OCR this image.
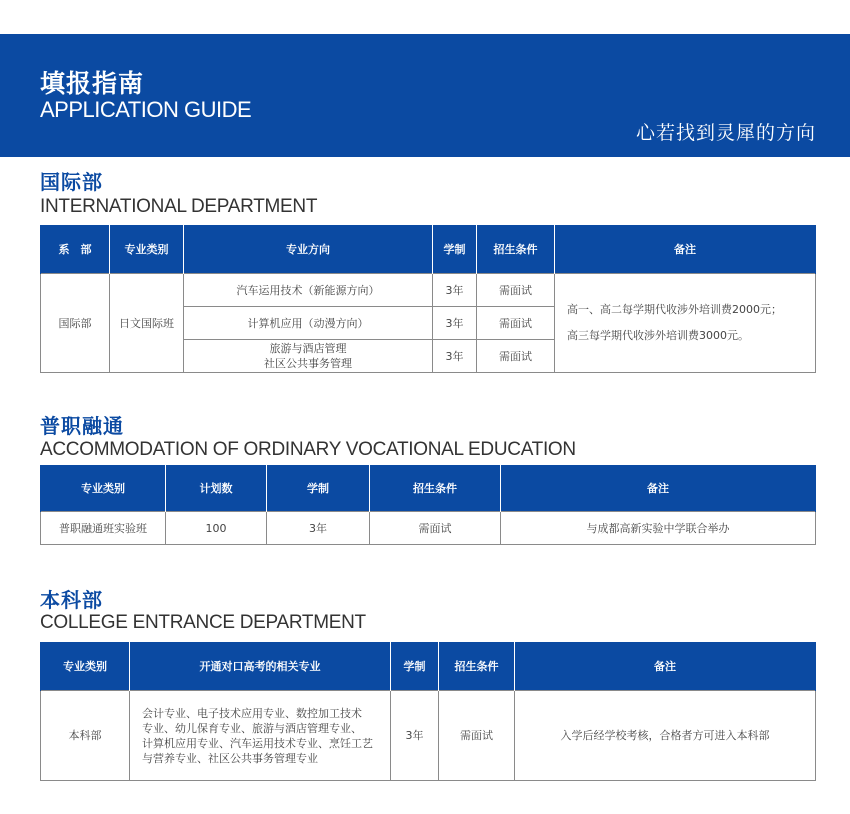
填报指南
APPLICATION GUIDE
心若找到灵犀的方向
国际部
INTERNATIONAL DEPARTMENT
系　部	专业类别	专业方向	学制	招生条件	备注
国际部	日文国际班	汽车运用技术（新能源方向）	3年	需面试	高一、高二每学期代收涉外培训费2000元；
高三每学期代收涉外培训费3000元。

		计算机应用（动漫方向）	3年	需面试	

		旅游与酒店管理
社区公共事务管理	3年	需面试	
普职融通
ACCOMMODATION OF ORDINARY VOCATIONAL EDUCATION
专业类别	计划数	学制	招生条件	备注
普职融通班实验班	100	3年	需面试	与成都高新实验中学联合举办
本科部
COLLEGE ENTRANCE DEPARTMENT
专业类别	开通对口高考的相关专业	学制	招生条件	备注
本科部	会计专业、电子技术应用专业、数控加工技术
专业、幼儿保育专业、旅游与酒店管理专业、
计算机应用专业、汽车运用技术专业、烹饪工艺
与营养专业、社区公共事务管理专业	3年	需面试	入学后经学校考核，合格者方可进入本科部
